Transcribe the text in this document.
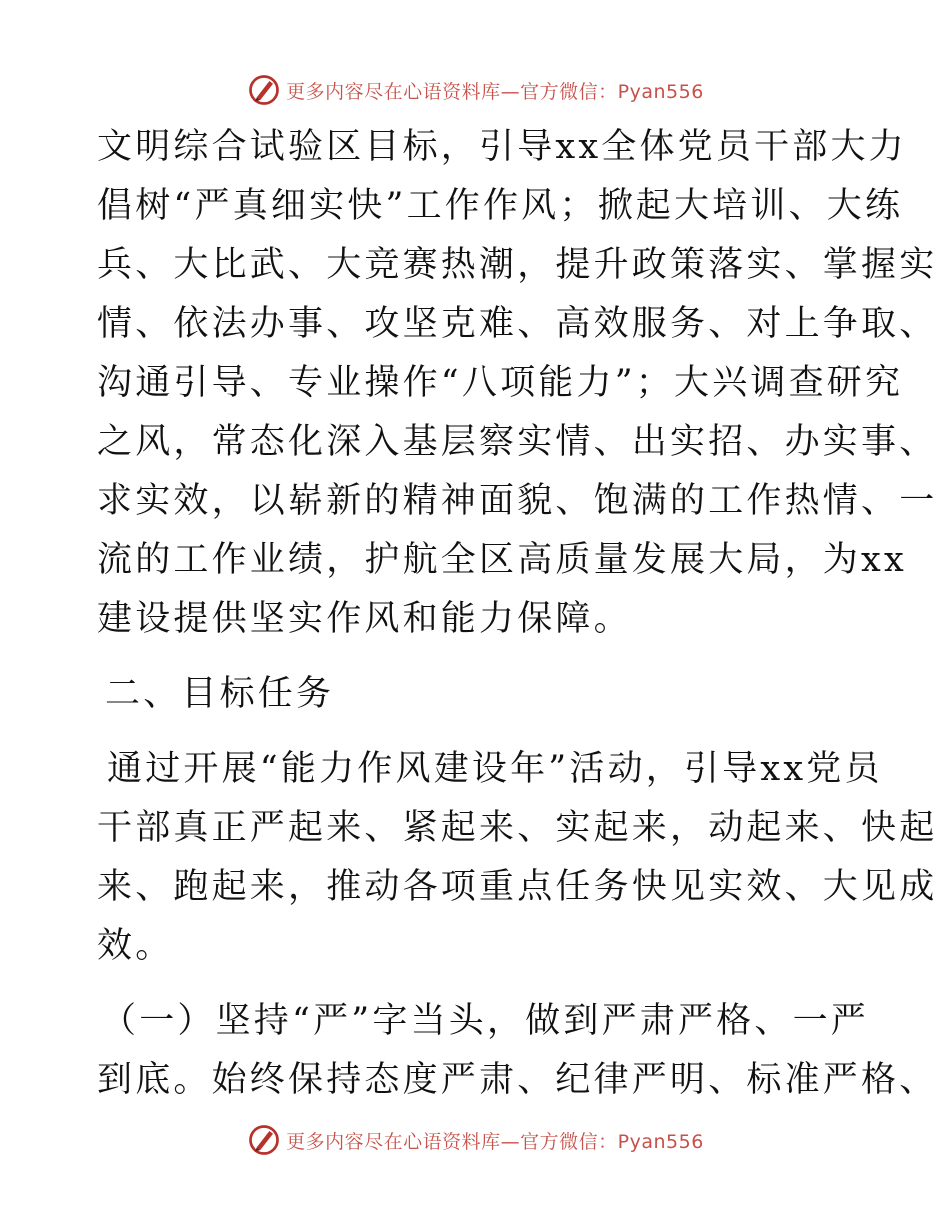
更多内容尽在心语资料库—官方微信：Pyan556
文明综合试验区目标，引导xx全体党员干部大力
倡树“严真细实快”工作作风；掀起大培训、大练
兵、大比武、大竞赛热潮，提升政策落实、掌握实
情、依法办事、攻坚克难、高效服务、对上争取、
沟通引导、专业操作“八项能力”；大兴调查研究
之风，常态化深入基层察实情、出实招、办实事、
求实效，以崭新的精神面貌、饱满的工作热情、一
流的工作业绩，护航全区高质量发展大局，为xx
建设提供坚实作风和能力保障。
二、目标任务
通过开展“能力作风建设年”活动，引导xx党员
干部真正严起来、紧起来、实起来，动起来、快起
来、跑起来，推动各项重点任务快见实效、大见成
效。
（一）坚持“严”字当头，做到严肃严格、一严
到底。始终保持态度严肃、纪律严明、标准严格、
更多内容尽在心语资料库—官方微信：Pyan556
